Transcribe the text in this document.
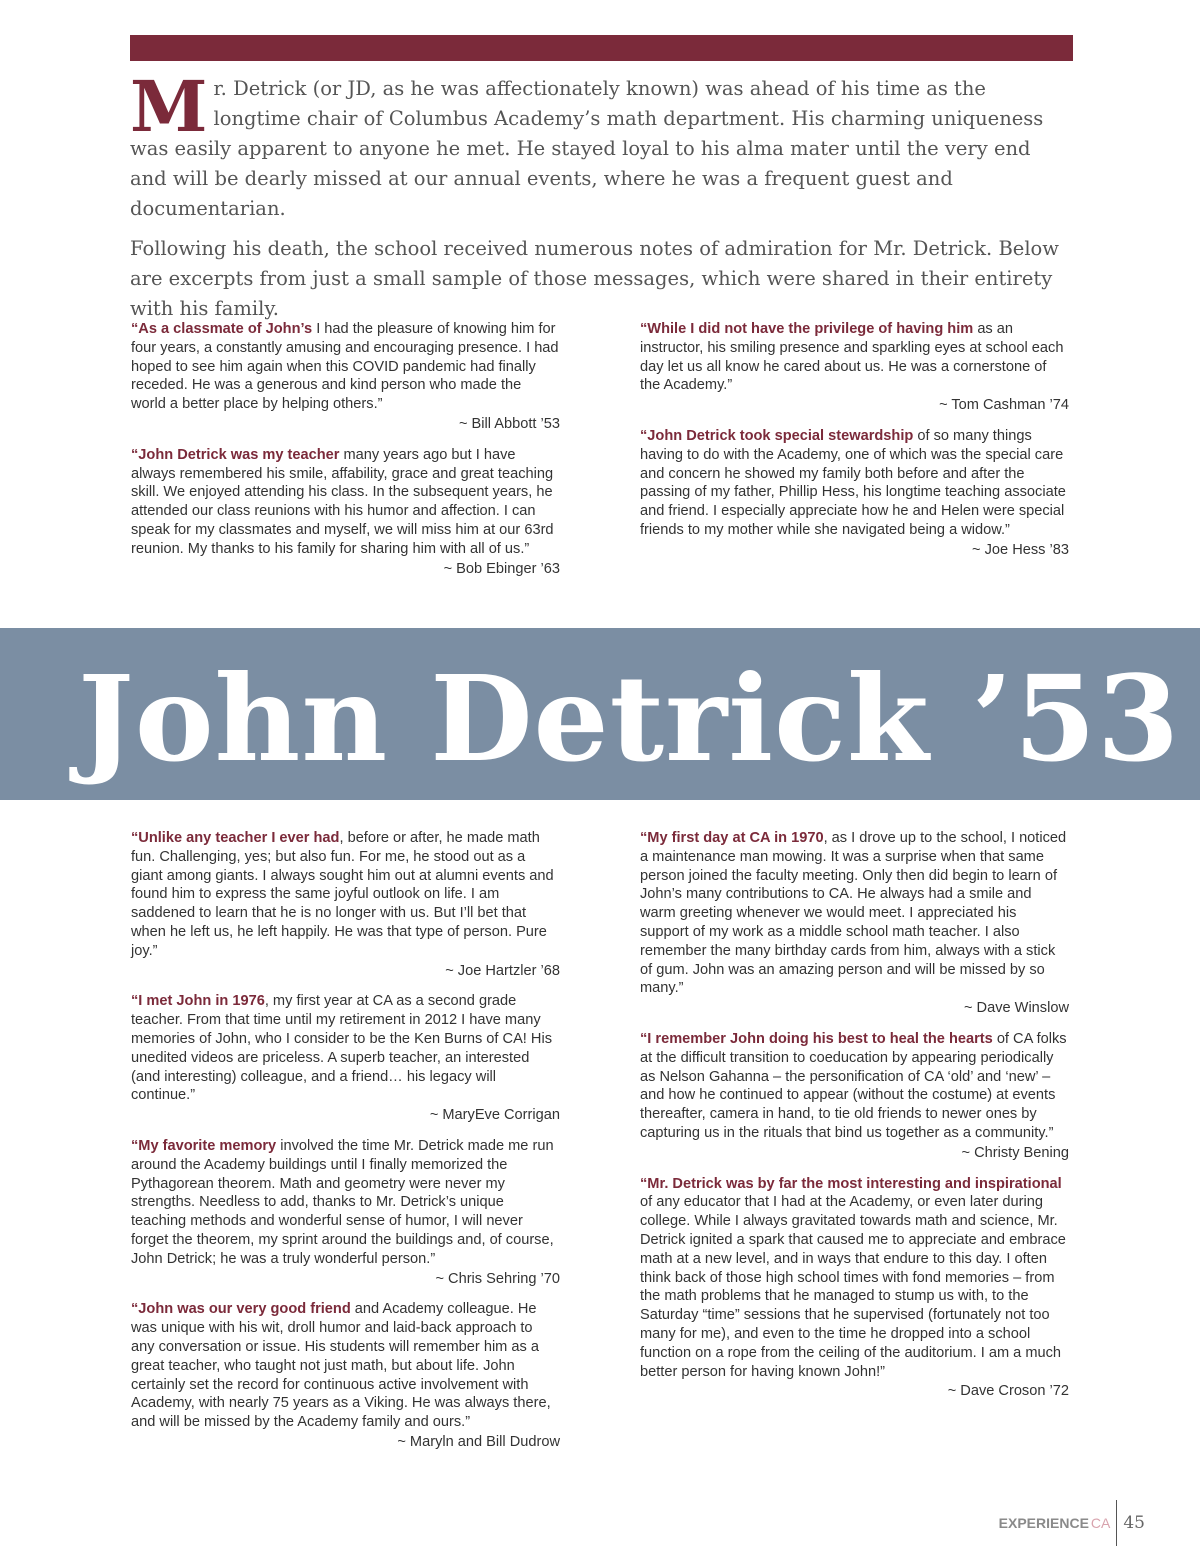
Mr. Detrick (or JD, as he was affectionately known) was ahead of his time as the longtime chair of Columbus Academy’s math department. His charming uniqueness was easily apparent to anyone he met. He stayed loyal to his alma mater until the very end and will be dearly missed at our annual events, where he was a frequent guest and documentarian.

Following his death, the school received numerous notes of admiration for Mr. Detrick. Below are excerpts from just a small sample of those messages, which were shared in their entirety with his family.

“As a classmate of John’s I had the pleasure of knowing him for four years, a constantly amusing and encouraging presence. I had hoped to see him again when this COVID pandemic had finally receded. He was a generous and kind person who made the world a better place by helping others.”
~ Bill Abbott ’53
“John Detrick was my teacher many years ago but I have always remembered his smile, affability, grace and great teaching skill. We enjoyed attending his class. In the subsequent years, he attended our class reunions with his humor and affection. I can speak for my classmates and myself, we will miss him at our 63rd reunion. My thanks to his family for sharing him with all of us.”
~ Bob Ebinger ’63
“While I did not have the privilege of having him as an instructor, his smiling presence and sparkling eyes at school each day let us all know he cared about us. He was a cornerstone of the Academy.”
~ Tom Cashman ’74
“John Detrick took special stewardship of so many things having to do with the Academy, one of which was the special care and concern he showed my family both before and after the passing of my father, Phillip Hess, his longtime teaching associate and friend. I especially appreciate how he and Helen were special friends to my mother while she navigated being a widow.”
~ Joe Hess ’83
John Detrick ’53
“Unlike any teacher I ever had, before or after, he made math fun. Challenging, yes; but also fun. For me, he stood out as a giant among giants. I always sought him out at alumni events and found him to express the same joyful outlook on life. I am saddened to learn that he is no longer with us. But I’ll bet that when he left us, he left happily. He was that type of person. Pure joy.”
~ Joe Hartzler ’68
“I met John in 1976, my first year at CA as a second grade teacher. From that time until my retirement in 2012 I have many memories of John, who I consider to be the Ken Burns of CA! His unedited videos are priceless. A superb teacher, an interested (and interesting) colleague, and a friend… his legacy will continue.”
~ MaryEve Corrigan
“My favorite memory involved the time Mr. Detrick made me run around the Academy buildings until I finally memorized the Pythagorean theorem. Math and geometry were never my strengths. Needless to add, thanks to Mr. Detrick’s unique teaching methods and wonderful sense of humor, I will never forget the theorem, my sprint around the buildings and, of course, John Detrick; he was a truly wonderful person.”
~ Chris Sehring ’70
“John was our very good friend and Academy colleague. He was unique with his wit, droll humor and laid-back approach to any conversation or issue. His students will remember him as a great teacher, who taught not just math, but about life. John certainly set the record for continuous active involvement with Academy, with nearly 75 years as a Viking. He was always there, and will be missed by the Academy family and ours.”
~ Maryln and Bill Dudrow
“My first day at CA in 1970, as I drove up to the school, I noticed a maintenance man mowing. It was a surprise when that same person joined the faculty meeting. Only then did begin to learn of John’s many contributions to CA. He always had a smile and warm greeting whenever we would meet. I appreciated his support of my work as a middle school math teacher. I also remember the many birthday cards from him, always with a stick of gum. John was an amazing person and will be missed by so many.”
~ Dave Winslow
“I remember John doing his best to heal the hearts of CA folks at the difficult transition to coeducation by appearing periodically as Nelson Gahanna – the personification of CA ‘old’ and ‘new’ – and how he continued to appear (without the costume) at events thereafter, camera in hand, to tie old friends to newer ones by capturing us in the rituals that bind us together as a community.”
~ Christy Bening
“Mr. Detrick was by far the most interesting and inspirational of any educator that I had at the Academy, or even later during college. While I always gravitated towards math and science, Mr. Detrick ignited a spark that caused me to appreciate and embrace math at a new level, and in ways that endure to this day. I often think back of those high school times with fond memories – from the math problems that he managed to stump us with, to the Saturday “time” sessions that he supervised (fortunately not too many for me), and even to the time he dropped into a school function on a rope from the ceiling of the auditorium. I am a much better person for having known John!”
~ Dave Croson ’72
EXPERIENCE CA 45
